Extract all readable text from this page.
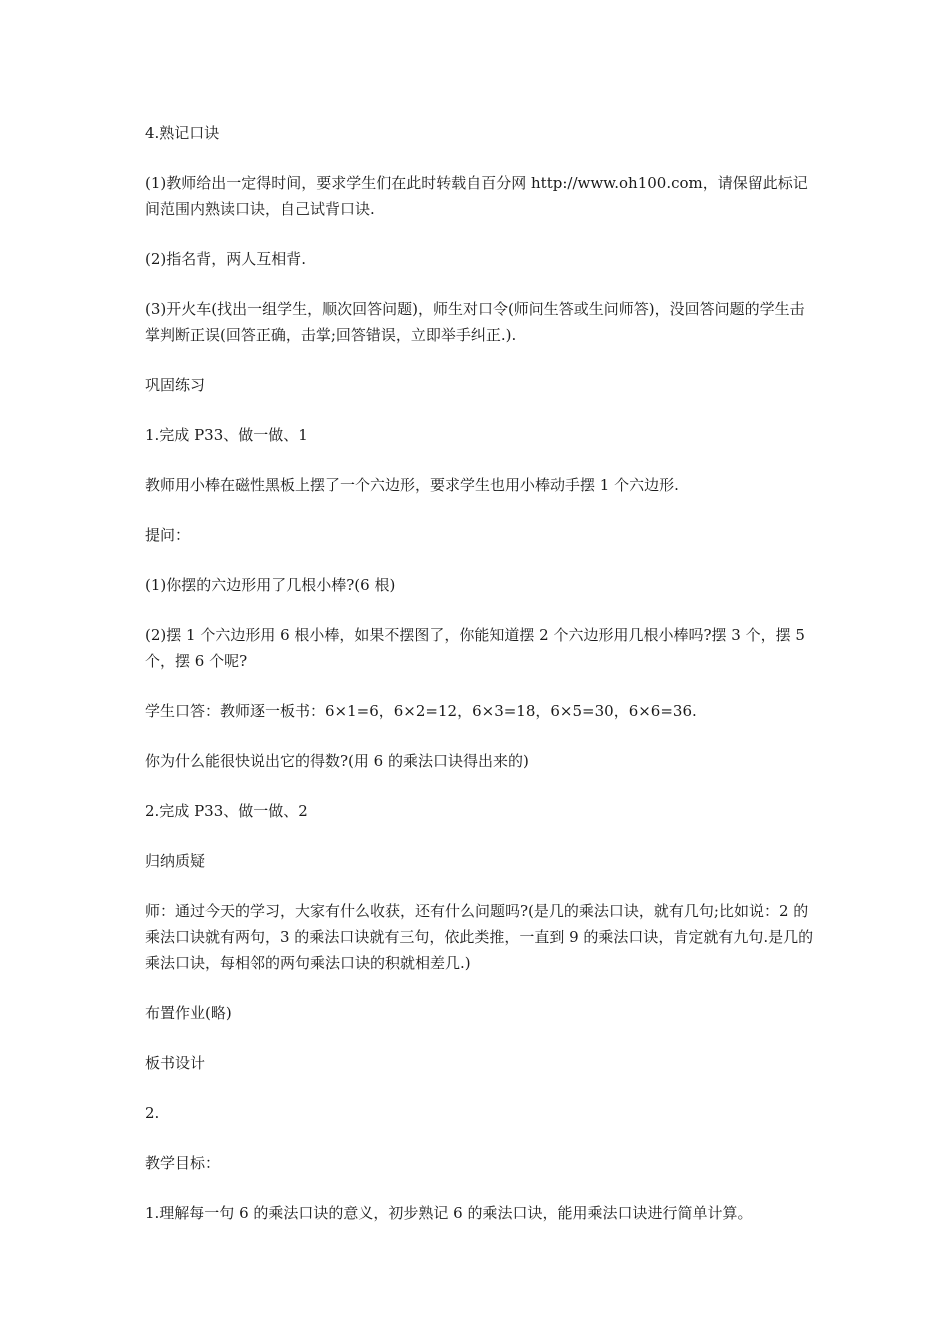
4.熟记口诀

(1)教师给出一定得时间，要求学生们在此时转载自百分网 http://www.oh100.com，请保留此标记间范围内熟读口诀，自己试背口诀.

(2)指名背，两人互相背.

(3)开火车(找出一组学生，顺次回答问题)，师生对口令(师问生答或生问师答)，没回答问题的学生击掌判断正误(回答正确，击掌;回答错误，立即举手纠正.).

巩固练习

1.完成 P33、做一做、1

教师用小棒在磁性黑板上摆了一个六边形，要求学生也用小棒动手摆 1 个六边形.

提问：

(1)你摆的六边形用了几根小棒?(6 根)

(2)摆 1 个六边形用 6 根小棒，如果不摆图了，你能知道摆 2 个六边形用几根小棒吗?摆 3 个，摆 5 个，摆 6 个呢?

学生口答：教师逐一板书：6×1=6，6×2=12，6×3=18，6×5=30，6×6=36.

你为什么能很快说出它的得数?(用 6 的乘法口诀得出来的)

2.完成 P33、做一做、2

归纳质疑

师：通过今天的学习，大家有什么收获，还有什么问题吗?(是几的乘法口诀，就有几句;比如说：2 的乘法口诀就有两句，3 的乘法口诀就有三句，依此类推，一直到 9 的乘法口诀，肯定就有九句.是几的乘法口诀，每相邻的两句乘法口诀的积就相差几.)

布置作业(略)

板书设计

2.

教学目标：

1.理解每一句 6 的乘法口诀的意义，初步熟记 6 的乘法口诀，能用乘法口诀进行简单计算。
